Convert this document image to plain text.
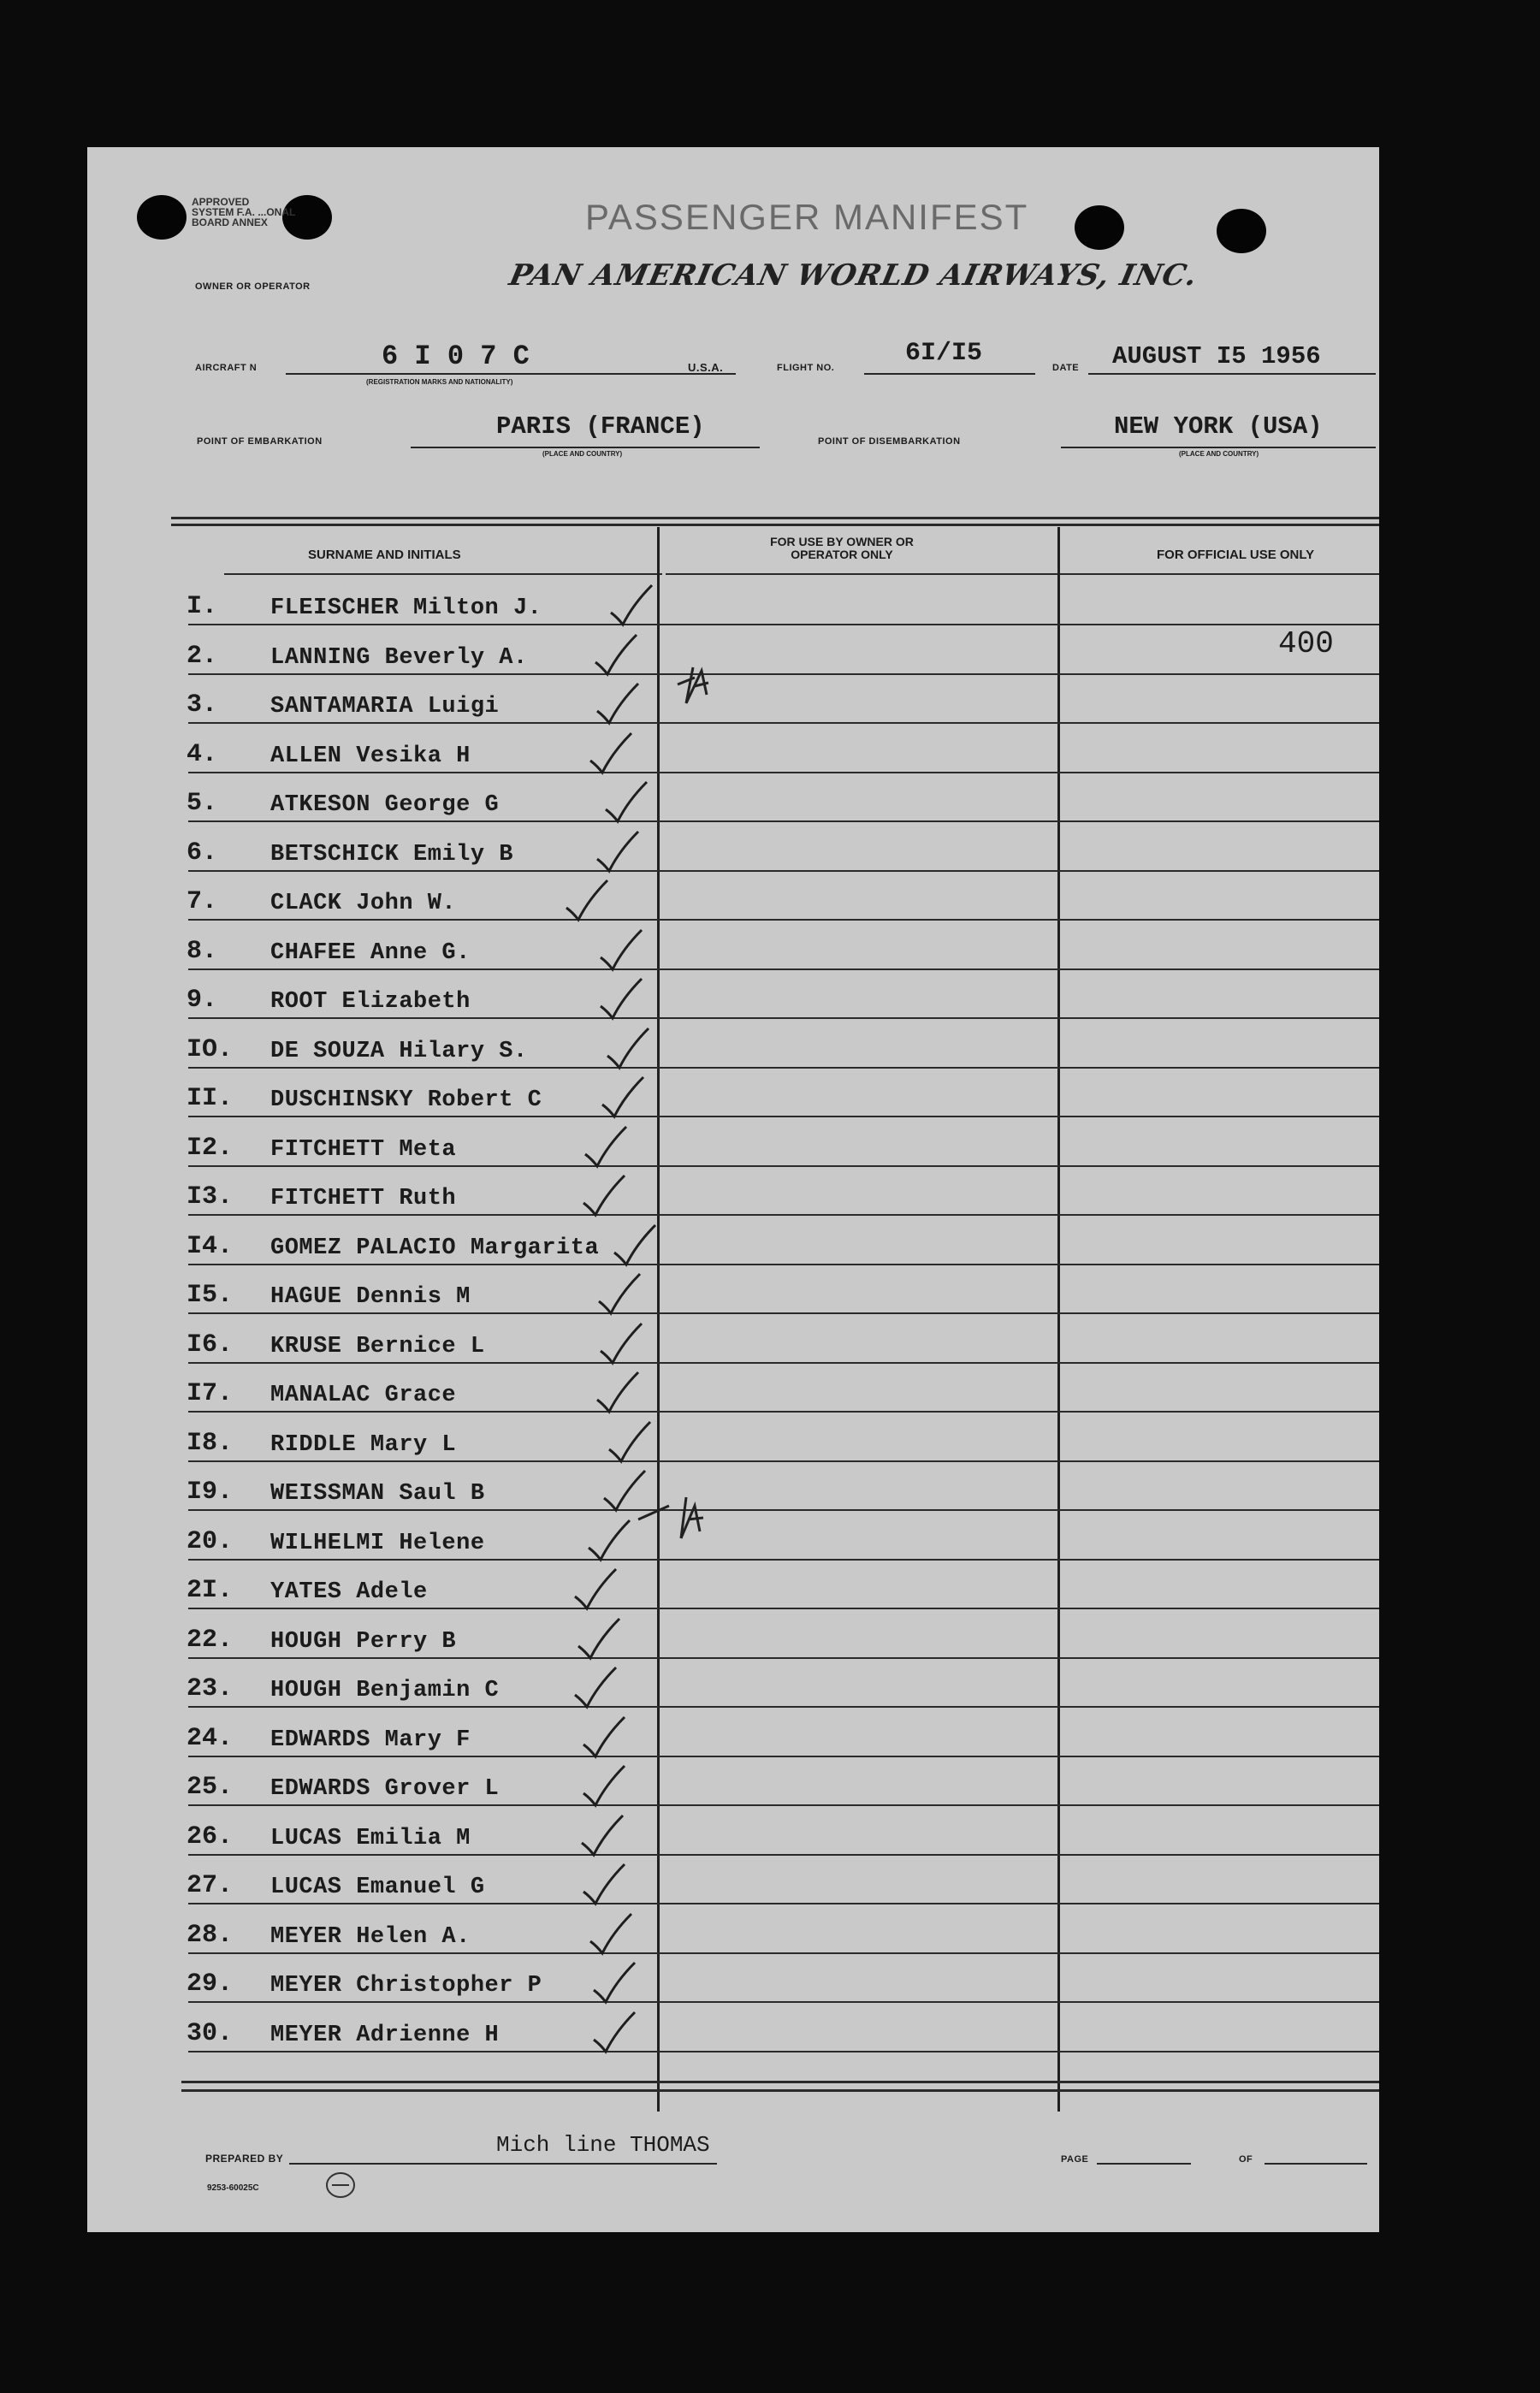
APPROVED
SYSTEM F.A. ...ONAL
BOARD ANNEX	PASSENGER MANIFEST
OWNER OR OPERATOR	PAN AMERICAN WORLD AIRWAYS, INC.
AIRCRAFT N	6 I 0 7 C
(REGISTRATION MARKS AND NATIONALITY)
U.S.A.	FLIGHT NO.	6I/I5	DATE AUGUST I5 1956
POINT OF EMBARKATION
PARIS (FRANCE)
(PLACE AND COUNTRY)
POINT OF DISEMBARKATION
NEW YORK (USA)
(PLACE AND COUNTRY)
SURNAME AND INITIALS
FOR USE BY OWNER OR OPERATOR ONLY	FOR OFFICIAL USE ONLY
400
I.	FLEISCHER Milton J.
2.	LANNING Beverly A.
3.	SANTAMARIA Luigi
4.	ALLEN Vesika H
5.	ATKESON George G
6.	BETSCHICK Emily B
7.	CLACK John W.
8.	CHAFEE Anne G.
9.	ROOT Elizabeth
IO. DE SOUZA Hilary S.
II. DUSCHINSKY Robert C
I2. FITCHETT Meta
I3. FITCHETT Ruth
I4. GOMEZ PALACIO Margarita
I5. HAGUE Dennis M
I6. KRUSE Bernice L
I7. MANALAC Grace
I8. RIDDLE Mary L
I9. WEISSMAN Saul B
20. WILHELMI Helene
2I. YATES Adele
22. HOUGH Perry B
23. HOUGH Benjamin C
24. EDWARDS Mary F
25. EDWARDS Grover L
26. LUCAS Emilia M
27. LUCAS Emanuel G
28. MEYER Helen A.
29. MEYER Christopher P
30. MEYER Adrienne H
PREPARED BY
Mich line THOMAS
PAGE	OF
9253-60025C
